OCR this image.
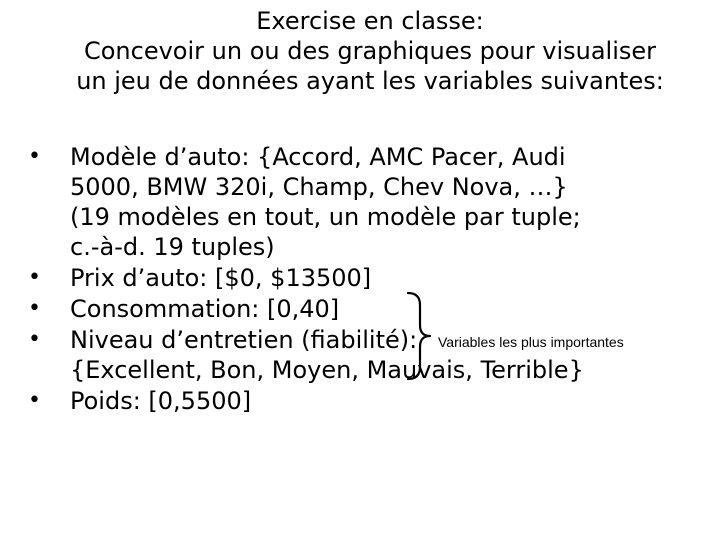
Exercise en classe:
Concevoir un ou des graphiques pour visualiser
un jeu de données ayant les variables suivantes:
• Modèle d’auto: {Accord, AMC Pacer, Audi
5000, BMW 320i, Champ, Chev Nova, …}
(19 modèles en tout, un modèle par tuple;
c.-à-d. 19 tuples)
• Prix d’auto: [$0, $13500]
• Consommation: [0,40]
• Niveau d’entretien (fiabilité):
{Excellent, Bon, Moyen, Mauvais, Terrible}
• Poids: [0,5500]
Variables les plus importantes
